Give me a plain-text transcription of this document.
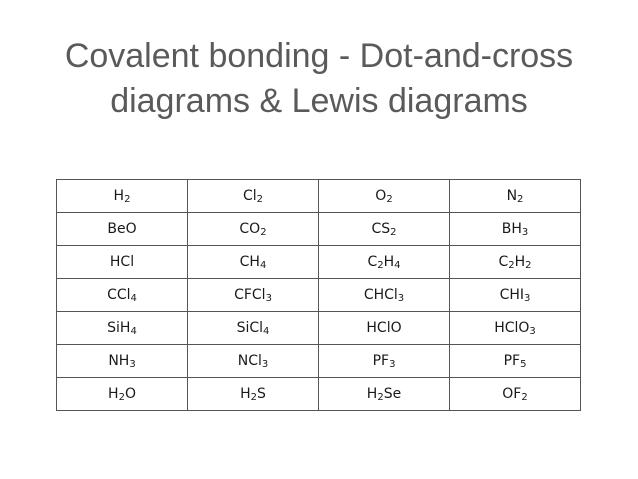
Covalent bonding - Dot-and-cross
diagrams & Lewis diagrams
$H_2$	$Cl_2$	$O_2$	$N_2$
BeO	$CO_2$	$CS_2$	$BH_3$
HCl	$CH_4$	$C_2H_4$	$C_2H_2$
CCl$_4$	CFCl$_3$	CHCl$_3$	$CHI_3$
SiH$_4$	SiCl$_4$	HClO	HClO$_3$
$NH_3$	NCl$_3$	$PF_3$	$PF_5$
$H_2O$	$H_2S$	$H_2Se$	$OF_2$
